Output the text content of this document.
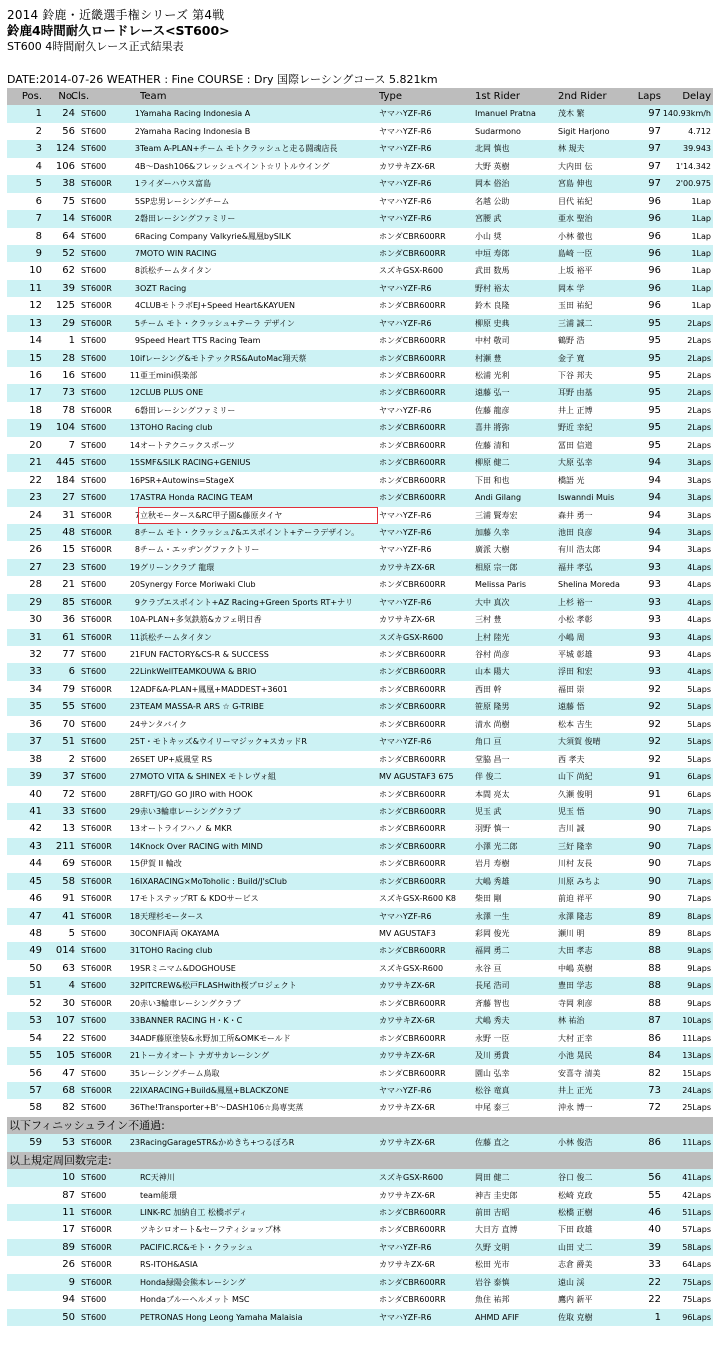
2014 鈴鹿・近畿選手権シリーズ 第4戦
鈴鹿4時間耐久ロードレース<ST600>
ST600 4時間耐久レース正式結果表
DATE:2014-07-26 WEATHER : Fine COURSE : Dry 国際レーシングコース 5.821km
Pos.	No.
Cls.	Team	Type	1st Rider	2nd Rider	Laps	Delay
1	24 ST600	1 Yamaha Racing Indonesia A	ヤマハYZF-R6	Imanuel Pratna	茂木 繁	97 140.93km/h
2	56 ST600	2 Yamaha Racing Indonesia B	ヤマハYZF-R6	Sudarmono	Sigit Harjono	97	4.712
3	124 ST600	3 Team A-PLAN+チーム モトクラッシュと走る闘魂店長	ヤマハYZF-R6	北岡 慎也	林 規夫	97	39.943
4	106 ST600	4 B～Dash106&フレッシュペイント☆リトルウイング	カワサキZX-6R	大野 英樹	大内田 伝	97	1'14.342
5	38 ST600R	1 ライダーハウス富島	ヤマハYZF-R6	岡本 俗治	宮島 伸也	97	2'00.975
6	75 ST600	5 SP忠男レーシングチーム	ヤマハYZF-R6	名越 公助	目代 祐紀	96	1Lap
7	14 ST600R	2 磐田レーシングファミリー	ヤマハYZF-R6	宮腰 武	亜水 聖治	96	1Lap
8	64 ST600	6 Racing Company Valkyrie&鳳凰bySILK	ホンダCBR600RR	小山 奨	小林 徹也	96	1Lap
9	52 ST600	7 MOTO WIN RACING	ホンダCBR600RR	中垣 寿郎	島崎 一臣	96	1Lap
10	62 ST600	8 浜松チームタイタン	スズキGSX-R600	武田 数馬	上坂 裕平	96	1Lap
11	39 ST600R	3 OZT Racing	ヤマハYZF-R6	野村 裕太	岡本 学	96	1Lap
12	125 ST600R	4 CLUBモトラボEJ+Speed Heart&KAYUEN	ホンダCBR600RR	鈴木 良隆	玉田 祐紀	96	1Lap
13	29 ST600R	5 チーム モト・クラッシュ+テーラ デザイン	ヤマハYZF-R6	柳原 史典	三浦 誠二	95	2Laps
14	1 ST600	9 Speed Heart TTS Racing Team	ホンダCBR600RR	中村 敬司	鶴野 浩	95	2Laps
15	28 ST600	10 ifレーシング&モトテックRS&AutoMac翔天蔡	ホンダCBR600RR	村瀬 豊	金子 寛	95	2Laps
16	16 ST600	11 亜王mini倶楽部	ホンダCBR600RR	松浦 光利	下谷 邦夫	95	2Laps
17	73 ST600	12 CLUB PLUS ONE	ホンダCBR600RR	遠藤 弘一	耳野 由基	95	2Laps
18	78 ST600R	6 磐田レーシングファミリー	ヤマハYZF-R6	佐藤 龍彦	井上 正博	95	2Laps
19	104 ST600	13 TOHO Racing club	ホンダCBR600RR	喜井 將弥	野近 幸紀	95	2Laps
20	7 ST600	14 オートテクニックスポーツ	ホンダCBR600RR	佐藤 清和	冨田 信道	95	2Laps
21	445 ST600	15 SMF&SILK RACING+GENIUS	ホンダCBR600RR	柳原 健二	大原 弘幸	94	3Laps
22	184 ST600	16 PSR+Autowins=StageX	ホンダCBR600RR	下田 和也	橋語 光	94	3Laps
23	27 ST600	17 ASTRA Honda RACING TEAM	ホンダCBR600RR	Andi Gilang	Iswanndi Muis	94	3Laps
24	31 ST600R	7 立秋モータース&RC甲子園&藤原タイヤ	ヤマハYZF-R6	三浦 賢寿宏	森井 勇一	94	3Laps
25	48 ST600R	8 チーム モト・クラッシュ♪&エスポイント+テーラデザイン。	ヤマハYZF-R6	加藤 久幸	池田 良彦	94	3Laps
26	15 ST600R	8 チーム・エッヂングファクトリー	ヤマハYZF-R6	廣派 大樹	有川 浩太郎	94	3Laps
27	23 ST600	19 グリーンクラブ 龍環	カワサキZX-6R	相原 宗一郎	福井 孝弘	93	4Laps
28	21 ST600	20 Synergy Force Moriwaki Club	ホンダCBR600RR	Melissa Paris	Shelina Moreda	93	4Laps
29	85 ST600R	9 クラブエスポイント+AZ Racing+Green Sports RT+ナリ	ヤマハYZF-R6	大中 真次	上杉 裕一	93	4Laps
30	36 ST600R	10 A-PLAN+多気鉄筋&カフェ明日香	カワサキZX-6R	三村 豊	小松 孝彰	93	4Laps
31	61 ST600R	11 浜松チームタイタン	スズキGSX-R600	上村 陸光	小嶋 周	93	4Laps
32	77 ST600	21 FUN FACTORY&CS-R & SUCCESS	ホンダCBR600RR	谷村 尚彦	平城 彰雄	93	4Laps
33	6 ST600	22 LinkWellTEAMKOUWA & BRIO	ホンダCBR600RR	山本 陽大	浮田 和宏	93	4Laps
34	79 ST600R	12 ADF&A-PLAN+鳳凰+MADDEST+3601	ホンダCBR600RR	西田 幹	福田 崇	92	5Laps
35	55 ST600	23 TEAM MASSA-R ARS ☆ G-TRIBE	ホンダCBR600RR	笹原 隆男	遠藤 悟	92	5Laps
36	70 ST600	24 サンタバイク	ホンダCBR600RR	清水 尚樹	松本 吉生	92	5Laps
37	51 ST600	25 T・モトキッズ&ウイリーマジック+スカッドR	ヤマハYZF-R6	角口 亘	大須賀 俊晴	92	5Laps
38	2 ST600	26 SET UP+威風堂 RS	ホンダCBR600RR	堂脇 昌一	西 孝夫	92	5Laps
39	37 ST600	27 MOTO VITA & SHINEX モトレヴォ組	MV AGUSTAF3 675	伴 俊二	山下 尚紀	91	6Laps
40	72 ST600	28 RFTJ/GO GO JIRO with HOOK	ホンダCBR600RR	本間 亮太	久瀬 俊明	91	6Laps
41	33 ST600	29 赤い3輪車レーシングクラブ	ホンダCBR600RR	児玉 武	児玉 悟	90	7Laps
42	13 ST600R	13 オートライフハノ & MKR	ホンダCBR600RR	羽野 慎一	吉川 誠	90	7Laps
43	211 ST600R	14 Knock Over RACING with MIND	ホンダCBR600RR	小澤 光二郎	三好 隆幸	90	7Laps
44	69 ST600R	15 伊賀 II 輪改	ホンダCBR600RR	岩月 寿樹	川村 友長	90	7Laps
45	58 ST600R	16 IXARACING×MoToholic : Build/J'sClub	ホンダCBR600RR	大嶋 秀雄	川原 みちよ	90	7Laps
46	91 ST600R	17 モトステップRT & KDOサービス	スズキGSX-R600 K8	柴田 剛	前迫 祥平	90	7Laps
47	41 ST600R	18 天理杉モータース	ヤマハYZF-R6	永澤 一生	永澤 隆志	89	8Laps
48	5 ST600	30 CONFIA両 OKAYAMA	MV AGUSTAF3	彩岡 俊光	瀬川 明	89	8Laps
49	014 ST600	31 TOHO Racing club	ホンダCBR600RR	福岡 勇二	大田 孝志	88	9Laps
50	63 ST600R	19 SRミニマム&DOGHOUSE	スズキGSX-R600	永谷 亘	中嶋 英樹	88	9Laps
51	4 ST600	32 PITCREW&松戸FLASHwith桜プロジェクト	カワサキZX-6R	長尾 浩司	豊田 学志	88	9Laps
52	30 ST600R	20 赤い3輪車レーシングクラブ	ホンダCBR600RR	斉藤 智也	寺岡 利彦	88	9Laps
53	107 ST600	33 BANNER RACING H・K・C	カワサキZX-6R	犬嶋 秀夫	林 祐治	87	10Laps
54	22 ST600	34 ADF藤原塗装&永野加工所&OMKモールド	ホンダCBR600RR	永野 一臣	大村 正幸	86	11Laps
55	105 ST600R	21 トーカイオート ナガサカレーシング	カワサキZX-6R	及川 勇貴	小池 晃民	84	13Laps
56	47 ST600	35 レーシングチーム鳥取	ホンダCBR600RR	園山 弘幸	安喜寺 清美	82	15Laps
57	68 ST600R	22 IXARACING+Build&鳳凰+BLACKZONE	ヤマハYZF-R6	松谷 竜真	井上 正光	73	24Laps
58	82 ST600	36 The!Transporter+B'～DASH106☆鳥専実蒸	カワサキZX-6R	中尾 泰三	沖永 博一	72	25Laps
以下フィニッシュライン不通過:
59	53 ST600R	23 RacingGarageSTR&かめきち+つるぼろR	カワサキZX-6R	佐藤 直之	小林 俊浩	86	11Laps
以上規定周回数完走:
10 ST600	RC天神川	スズキGSX-R600	岡田 健二	谷口 俊二	56	41Laps
87 ST600	team能環	カワサキZX-6R	神吉 圭史郎	松崎 克政	55	42Laps
11 ST600R	LINK-RC 加納自工 松橋ボディ	ホンダCBR600RR	前田 吉昭	松橋 正樹	46	51Laps
17 ST600R	ツキシロオート&セーフティショップ林	ホンダCBR600RR	大日方 直博	下田 政雄	40	57Laps
89 ST600R	PACIFIC.RC&モト・クラッシュ	ヤマハYZF-R6	久野 文明	山田 丈二	39	58Laps
26 ST600R	RS-ITOH&ASIA	カワサキZX-6R	松田 光市	志倉 爵美	33	64Laps
9 ST600R	Honda緑陽会熊本レーシング	ホンダCBR600RR	岩谷 泰慎	遠山 渓	22	75Laps
94 ST600	Hondaブルーヘルメット MSC	ホンダCBR600RR	魚住 祐邦	鷹内 新平	22	75Laps
50 ST600	PETRONAS Hong Leong Yamaha Malaisia	ヤマハYZF-R6	AHMD AFIF	佐取 克樹	1	96Laps
